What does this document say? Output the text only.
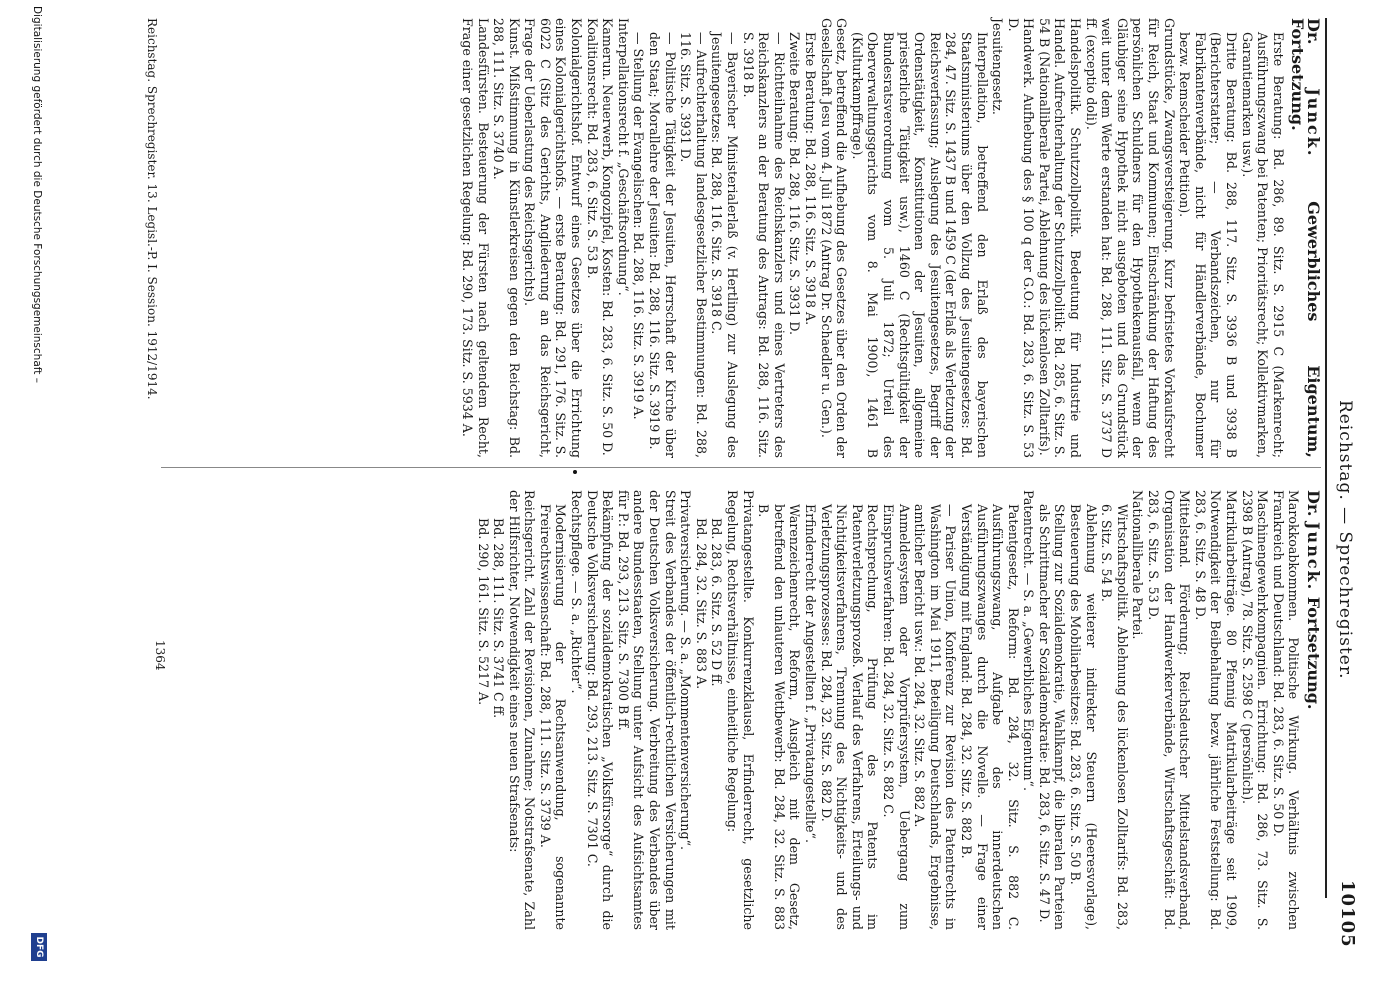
Reichstag. — Sprechregister.
10105

Dr. Junck. Gewerbliches Eigentum, Fortsetzung.

Erste Beratung: Bd. 286, 89. Sitz. S. 2915 C (Markenrecht; Ausführungszwang bei Patenten; Prioritätsrecht; Kollektivmarken, Garantiemarken usw.).

Dritte Beratung: Bd. 288, 117. Sitz. S. 3936 B und 3938 B (Berichterstatter; — Verbandszeichen, nur für Fabrikantenverbände, nicht für Händlerverbände, Bochumer bezw. Remscheider Petition).

Grundstücke, Zwangsversteigerung. Kurz befristetes Vorkaufsrecht für Reich, Staat und Kommunen; Einschränkung der Haftung des persönlichen Schuldners für den Hypothekenausfall, wenn der Gläubiger seine Hypothek nicht ausgeboten und das Grundstück weit unter dem Werte erstanden hat: Bd. 288, 111. Sitz. S. 3737 D ff. (exceptio doli).

Handelspolitik. Schutzzollpolitik. Bedeutung für Industrie und Handel. Aufrechterhaltung der Schutzzollpolitik: Bd. 285, 6. Sitz. S. 54 B (Nationalliberale Partei, Ablehnung des lückenlosen Zolltarifs).

Handwerk. Aufhebung des § 100 q der G.O.: Bd. 283, 6. Sitz. S. 53 D.

Jesuitengesetz.

Interpellation, betreffend den Erlaß des bayerischen Staatsministeriums über den Vollzug des Jesuitengesetzes: Bd. 284, 47. Sitz. S. 1437 B und 1459 C (der Erlaß als Verletzung der Reichsverfassung; Auslegung des Jesuitengesetzes, Begriff der Ordenstätigkeit, Konstitutionen der Jesuiten, allgemeine priesterliche Tätigkeit usw.), 1460 C (Rechtsgültigkeit der Bundesratsverordnung vom 5. Juli 1872; Urteil des Oberverwaltungsgerichts vom 8. Mai 1900), 1461 B (Kulturkampffrage).

Gesetz, betreffend die Aufhebung des Gesetzes über den Orden der Gesellschaft Jesu vom 4. Juli 1872 (Antrag Dr. Schaedler u. Gen.).

Erste Beratung: Bd. 288, 116. Sitz. S. 3918 A.

Zweite Beratung: Bd. 288, 116. Sitz. S. 3931 D.

— Richtteilnahme des Reichskanzlers und eines Vertreters des Reichskanzlers an der Beratung des Antrags: Bd. 288, 116. Sitz. S. 3918 B.

— Bayerischer Ministerialerlaß (v. Hertling) zur Auslegung des Jesuitengesetzes: Bd. 288, 116. Sitz. S. 3918 C.

— Aufrechterhaltung landesgesetzlicher Bestimmungen: Bd. 288, 116. Sitz. S. 3931 D.

— Politische Tätigkeit der Jesuiten, Herrschaft der Kirche über den Staat; Morallehre der Jesuiten: Bd. 288, 116. Sitz. S. 3919 B.

— Stellung der Evangelischen: Bd. 288, 116. Sitz. S. 3919 A.

Interpellationsrecht f. „Geschäftsordnung“.

Kamerun. Neuerwerb, Kongozipfel, Kosten: Bd. 283, 6. Sitz. S. 50 D.

Koalitionsrecht: Bd. 283, 6. Sitz. S. 53 B.

Kolonialgerichtshof. Entwurf eines Gesetzes über die Errichtung eines Kolonialgerichtshofs. — erste Beratung: Bd. 291, 176. Sitz. S. 6022 C (Sitz des Gerichts, Angliederung an das Reichsgericht, Frage der Ueberlastung des Reichsgerichts).

Kunst. Mißstimmung in Künstlerkreisen gegen den Reichstag: Bd. 288, 111. Sitz. S. 3740 A.

Landesfürsten. Besteuerung der Fürsten nach geltendem Recht, Frage einer gesetzlichen Regelung: Bd. 290, 173. Sitz. S. 5934 A.

Dr. Junck. Fortsetzung.

Marokkoabkommen. Politische Wirkung. Verhältnis zwischen Frankreich und Deutschland: Bd. 283, 6. Sitz. S. 50 D.

Maschinengewehrkompagnien. Errichtung: Bd. 286, 73. Sitz. S. 2398 B (Antrag), 78. Sitz. S. 2598 C (persönlich).

Matrikularbeiträge. 80 Pfennig Matrikularbeiträge seit 1909, Notwendigkeit der Beibehaltung bezw. jährliche Feststellung: Bd. 283, 6. Sitz. S. 48 D.

Mittelstand. Förderung; Reichsdeutscher Mittelstandsverband, Organisation der Handwerkerverbände, Wirtschaftsgeschäft: Bd. 283, 6. Sitz. S. 53 D.

Nationalliberale Partei.

Wirtschaftspolitik. Ablehnung des lückenlosen Zolltarifs: Bd. 283, 6. Sitz. S. 54 B.

Ablehnung weiterer indirekter Steuern (Heeresvorlage), Besteuerung des Mobiliarbesitzes: Bd. 283, 6. Sitz. S. 50 B.

Stellung zur Sozialdemokratie, Wahlkampf, die liberalen Parteien als Schrittmacher der Sozialdemokratie: Bd. 283, 6. Sitz. S. 47 D.

Patentrecht. — S. a. „Gewerbliches Eigentum“.

Patentgesetz, Reform: Bd. 284, 32. Sitz. S. 882 C. Ausführungszwang, Aufgabe des innerdeutschen Ausführungszwanges durch die Novelle. — Frage einer Verständigung mit England: Bd. 284, 32. Sitz. S. 882 B.

— Pariser Union, Konferenz zur Revision des Patentrechts in Washington im Mai 1911, Beteiligung Deutschlands, Ergebnisse, amtlicher Bericht usw.: Bd. 284, 32. Sitz. S. 882 A.

Anmeldesystem oder Vorprüfersystem, Uebergang zum Einspruchsverfahren: Bd. 284, 32. Sitz. S. 882 C.

Rechtsprechung, Prüfung des Patents im Patentverletzungsprozeß. Verlauf des Verfahrens, Erteilungs- und Nichtigkeitsverfahrens, Trennung des Nichtigkeits- und des Verletzungsprozesses: Bd. 284, 32. Sitz. S. 882 D.

Erfinderrecht der Angestellten f. „Privatangestellte“.

Warenzeichenrecht, Reform, Ausgleich mit dem Gesetz, betreffend den unlauteren Wettbewerb: Bd. 284, 32. Sitz. S. 883 B.

Privatangestellte. Konkurrenzklausel, Erfinderrecht, gesetzliche Regelung, Rechtsverhältnisse, einheitliche Regelung:

Bd. 283, 6. Sitz. S. 52 D ff.

Bd. 284, 32. Sitz. S. 883 A.

Privatversicherung. — S. a. „Mommentenversicherung“.

Streit des Verbandes der öffentlich-rechtlichen Versicherungen mit der Deutschen Volksversicherung. Verbreitung des Verbandes über andere Bundesstaaten, Stellung unter Aufsicht des Aufsichtsamtes für P.: Bd. 293, 213. Sitz. S. 7300 B ff.

Bekämpfung der sozialdemokratischen „Volksfürsorge“ durch die Deutsche Volksversicherung: Bd. 293, 213. Sitz. S. 7301 C.

Rechtspflege. — S. a. „Richter“.

Modernisierung der Rechtsanwendung, sogenannte Freirechtswissenschaft: Bd. 288, 111. Sitz. S. 3739 A.

Reichsgericht. Zahl der Revisionen, Zunahme; Notstrafsenate, Zahl der Hilfsrichter, Notwendigkeit eines neuen Strafsenats:

Bd. 288, 111. Sitz. S. 3741 C ff.

Bd. 290, 161. Sitz. S. 5217 A.

Reichstag. Sprechregister. 13. Legisl.-P. I. Session. 1912/1914.
1364
Digitalisierung gefördert durch die Deutsche Forschungsgemeinschaft –
DFG
